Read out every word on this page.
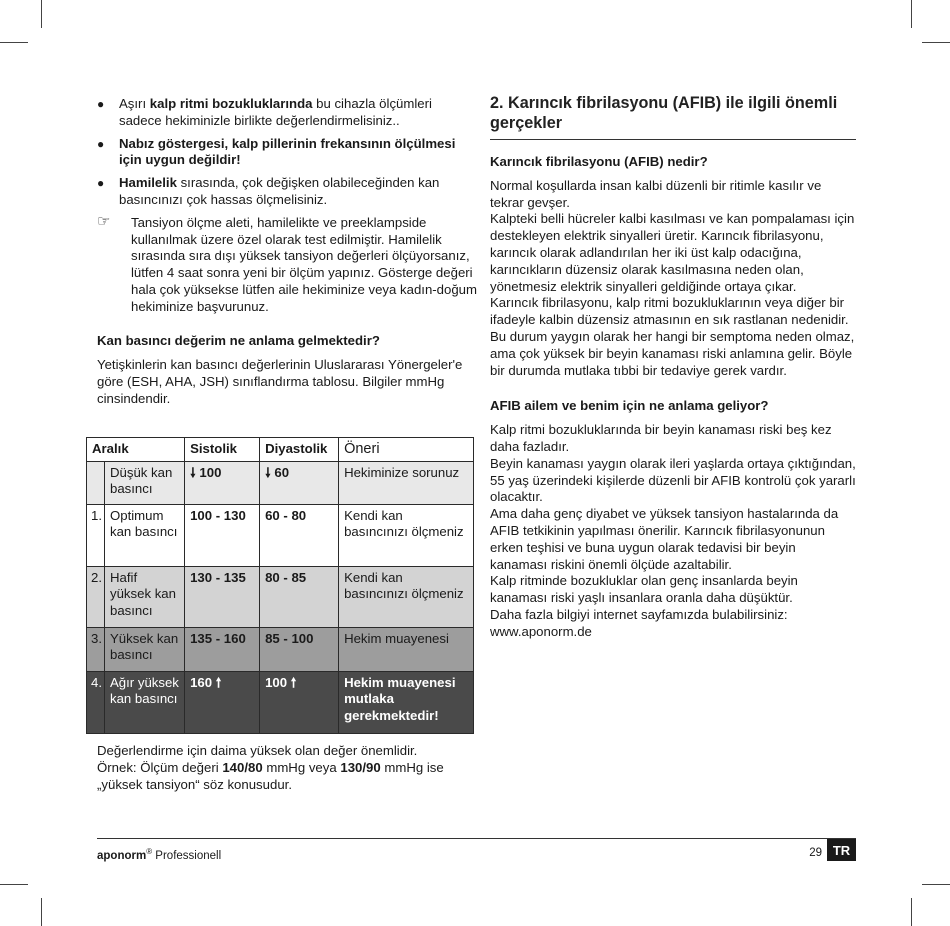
● Aşırı kalp ritmi bozukluklarında bu cihazla ölçümleri sadece hekiminizle birlikte değerlendirmelisiniz..
● Nabız göstergesi, kalp pillerinin frekansının ölçülmesi için uygun değildir!
● Hamilelik sırasında, çok değişken olabileceğinden kan basıncınızı çok hassas ölçmelisiniz.
☞ Tansiyon ölçme aleti, hamilelikte ve preeklampside kullanılmak üzere özel olarak test edilmiştir. Hamilelik sırasında sıra dışı yüksek tansiyon değerleri ölçüyorsanız, lütfen 4 saat sonra yeni bir ölçüm yapınız. Gösterge değeri hala çok yüksekse lütfen aile hekiminize veya kadın-doğum hekiminize başvurunuz.

Kan basıncı değerim ne anlama gelmektedir?

Yetişkinlerin kan basıncı değerlerinin Uluslararası Yönergeler'e göre (ESH, AHA, JSH) sınıflandırma tablosu. Bilgiler mmHg cinsindendir.

Aralık		Sistolik	Diyastolik	Öneri
	Düşük kan basıncı	🠗 100	🠗 60	Hekiminize sorunuz
1.	Optimum kan basıncı	100 - 130	60 - 80	Kendi kan basıncınızı ölçmeniz
2.	Hafif yüksek kan basıncı	130 - 135	80 - 85	Kendi kan basıncınızı ölçmeniz
3.	Yüksek kan basıncı	135 - 160	85 - 100	Hekim muayenesi
4.	Ağır yüksek kan basıncı	160 🠕	100 🠕	Hekim muayenesi mutlaka gerekmektedir!

Değerlendirme için daima yüksek olan değer önemlidir.

Örnek: Ölçüm değeri 140/80 mmHg veya 130/90 mmHg ise „yüksek tansiyon“ söz konusudur.

2. Karıncık fibrilasyonu (AFIB) ile ilgili önemli gerçekler

Karıncık fibrilasyonu (AFIB) nedir?

Normal koşullarda insan kalbi düzenli bir ritimle kasılır ve tekrar gevşer.

Kalpteki belli hücreler kalbi kasılması ve kan pompalaması için destekleyen elektrik sinyalleri üretir. Karıncık fibrilasyonu, karıncık olarak adlandırılan her iki üst kalp odacığına, karıncıkların düzensiz olarak kasılmasına neden olan, yönetmesiz elektrik sinyalleri geldiğinde ortaya çıkar.

Karıncık fibrilasyonu, kalp ritmi bozukluklarının veya diğer bir ifadeyle kalbin düzensiz atmasının en sık rastlanan nedenidir. Bu durum yaygın olarak her hangi bir semptoma neden olmaz, ama çok yüksek bir beyin kanaması riski anlamına gelir. Böyle bir durumda mutlaka tıbbi bir tedaviye gerek vardır.

AFIB ailem ve benim için ne anlama geliyor?

Kalp ritmi bozukluklarında bir beyin kanaması riski beş kez daha fazladır.

Beyin kanaması yaygın olarak ileri yaşlarda ortaya çıktığından, 55 yaş üzerindeki kişilerde düzenli bir AFIB kontrolü çok yararlı olacaktır.

Ama daha genç diyabet ve yüksek tansiyon hastalarında da AFIB tetkikinin yapılması önerilir. Karıncık fibrilasyonunun erken teşhisi ve buna uygun olarak tedavisi bir beyin kanaması riskini önemli ölçüde azaltabilir.

Kalp ritminde bozukluklar olan genç insanlarda beyin kanaması riski yaşlı insanlara oranla daha düşüktür.

Daha fazla bilgiyi internet sayfamızda bulabilirsiniz:

www.aponorm.de

aponorm® Professionell	29 TR
